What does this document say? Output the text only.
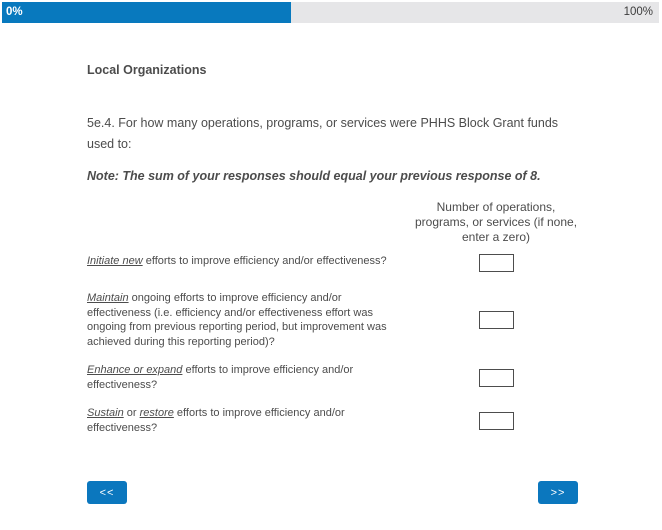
0%	100%
Local Organizations
5e.4. For how many operations, programs, or services were PHHS Block Grant funds used to:
Note: The sum of your responses should equal your previous response of 8.

	Number of operations,
programs, or services (if none,
enter a zero)

Initiate new efforts to improve efficiency and/or effectiveness?	
Maintain ongoing efforts to improve efficiency and/or effectiveness (i.e. efficiency and/or effectiveness effort was ongoing from previous reporting period, but improvement was achieved during this reporting period)?	
Enhance or expand efforts to improve efficiency and/or effectiveness?	
Sustain or restore efforts to improve efficiency and/or effectiveness?	
<<	>>
